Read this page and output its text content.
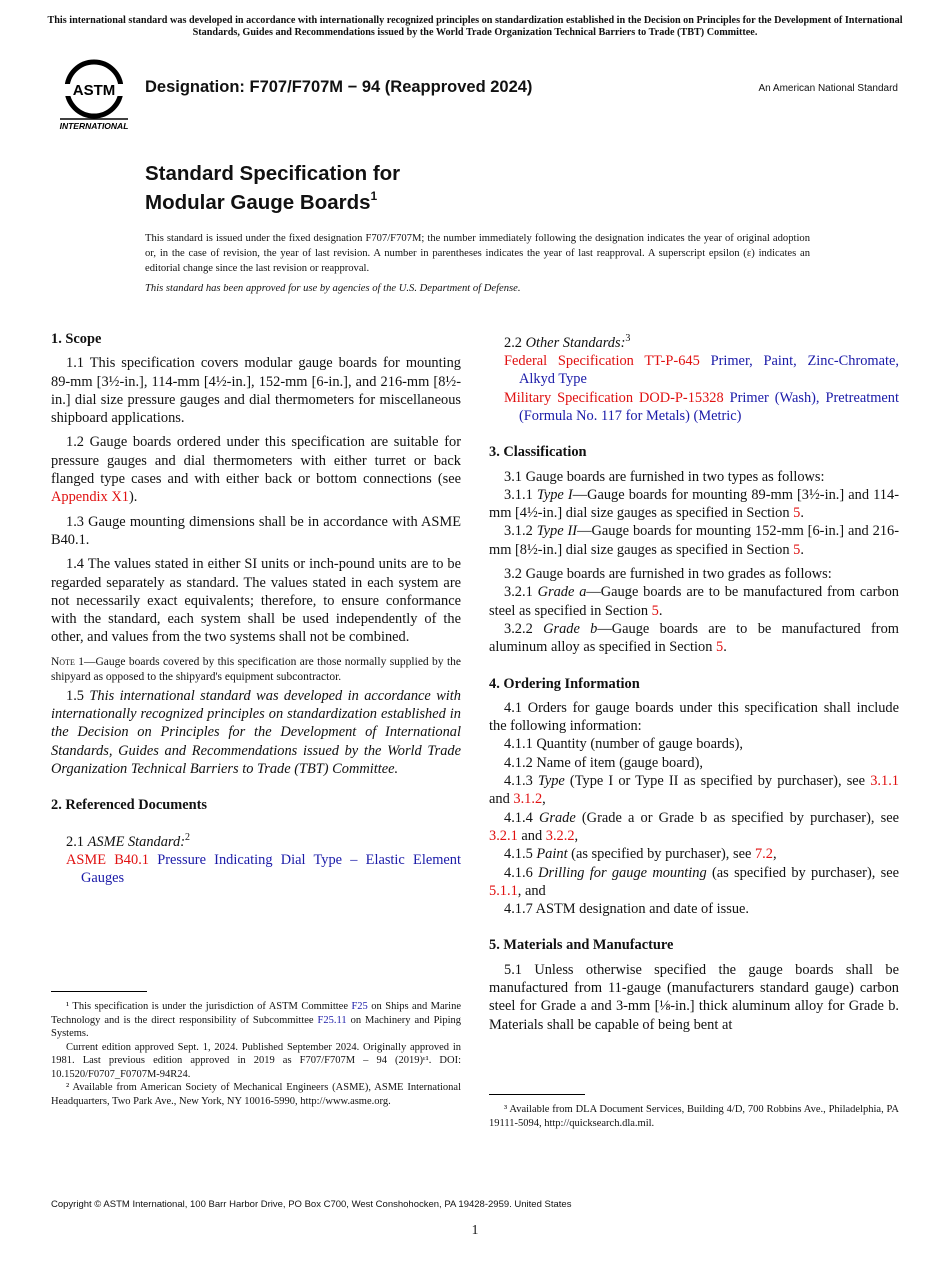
This international standard was developed in accordance with internationally recognized principles on standardization established in the Decision on Principles for the Development of International Standards, Guides and Recommendations issued by the World Trade Organization Technical Barriers to Trade (TBT) Committee.
ASTM
INTERNATIONAL
Designation: F707/F707M − 94 (Reapproved 2024)	An American National Standard
Standard Specification for
Modular Gauge Boards$^1$
This standard is issued under the fixed designation F707/F707M; the number immediately following the designation indicates the year of original adoption or, in the case of revision, the year of last revision. A number in parentheses indicates the year of last reapproval. A superscript epsilon (ε) indicates an editorial change since the last revision or reapproval.
This standard has been approved for use by agencies of the U.S. Department of Defense.

1. Scope

1.1 This specification covers modular gauge boards for mounting 89-mm [3½-in.], 114-mm [4½-in.], 152-mm [6-in.], and 216-mm [8½-in.] dial size pressure gauges and dial thermometers for miscellaneous shipboard applications.

1.2 Gauge boards ordered under this specification are suitable for pressure gauges and dial thermometers with either turret or back flanged type cases and with either back or bottom connections (see Appendix X1).

1.3 Gauge mounting dimensions shall be in accordance with ASME B40.1.

1.4 The values stated in either SI units or inch-pound units are to be regarded separately as standard. The values stated in each system are not necessarily exact equivalents; therefore, to ensure conformance with the standard, each system shall be used independently of the other, and values from the two systems shall not be combined.

Note 1—Gauge boards covered by this specification are those normally supplied by the shipyard as opposed to the shipyard's equipment subcontractor.

1.5 This international standard was developed in accordance with internationally recognized principles on standardization established in the Decision on Principles for the Development of International Standards, Guides and Recommendations issued by the World Trade Organization Technical Barriers to Trade (TBT) Committee.

2. Referenced Documents

2.1 ASME Standard:$^2$

ASME B40.1 Pressure Indicating Dial Type – Elastic Element Gauges

¹ This specification is under the jurisdiction of ASTM Committee F25 on Ships and Marine Technology and is the direct responsibility of Subcommittee F25.11 on Machinery and Piping Systems.

Current edition approved Sept. 1, 2024. Published September 2024. Originally approved in 1981. Last previous edition approved in 2019 as F707/F707M – 94 (2019)ᵋ¹. DOI: 10.1520/F0707_F0707M-94R24.

² Available from American Society of Mechanical Engineers (ASME), ASME International Headquarters, Two Park Ave., New York, NY 10016-5990, http://www.asme.org.

2.2 Other Standards:$^3$

Federal Specification TT-P-645 Primer, Paint, Zinc-Chromate, Alkyd Type

Military Specification DOD-P-15328 Primer (Wash), Pretreatment (Formula No. 117 for Metals) (Metric)

3. Classification

3.1 Gauge boards are furnished in two types as follows:

3.1.1 Type I—Gauge boards for mounting 89-mm [3½-in.] and 114-mm [4½-in.] dial size gauges as specified in Section 5.

3.1.2 Type II—Gauge boards for mounting 152-mm [6-in.] and 216-mm [8½-in.] dial size gauges as specified in Section 5.

3.2 Gauge boards are furnished in two grades as follows:

3.2.1 Grade a—Gauge boards are to be manufactured from carbon steel as specified in Section 5.

3.2.2 Grade b—Gauge boards are to be manufactured from aluminum alloy as specified in Section 5.

4. Ordering Information

4.1 Orders for gauge boards under this specification shall include the following information:

4.1.1 Quantity (number of gauge boards),

4.1.2 Name of item (gauge board),

4.1.3 Type (Type I or Type II as specified by purchaser), see 3.1.1 and 3.1.2,

4.1.4 Grade (Grade a or Grade b as specified by purchaser), see 3.2.1 and 3.2.2,

4.1.5 Paint (as specified by purchaser), see 7.2,

4.1.6 Drilling for gauge mounting (as specified by purchaser), see 5.1.1, and

4.1.7 ASTM designation and date of issue.

5. Materials and Manufacture

5.1 Unless otherwise specified the gauge boards shall be manufactured from 11-gauge (manufacturers standard gauge) carbon steel for Grade a and 3-mm [⅛-in.] thick aluminum alloy for Grade b. Materials shall be capable of being bent at

³ Available from DLA Document Services, Building 4/D, 700 Robbins Ave., Philadelphia, PA 19111-5094, http://quicksearch.dla.mil.

Copyright © ASTM International, 100 Barr Harbor Drive, PO Box C700, West Conshohocken, PA 19428-2959. United States
1
